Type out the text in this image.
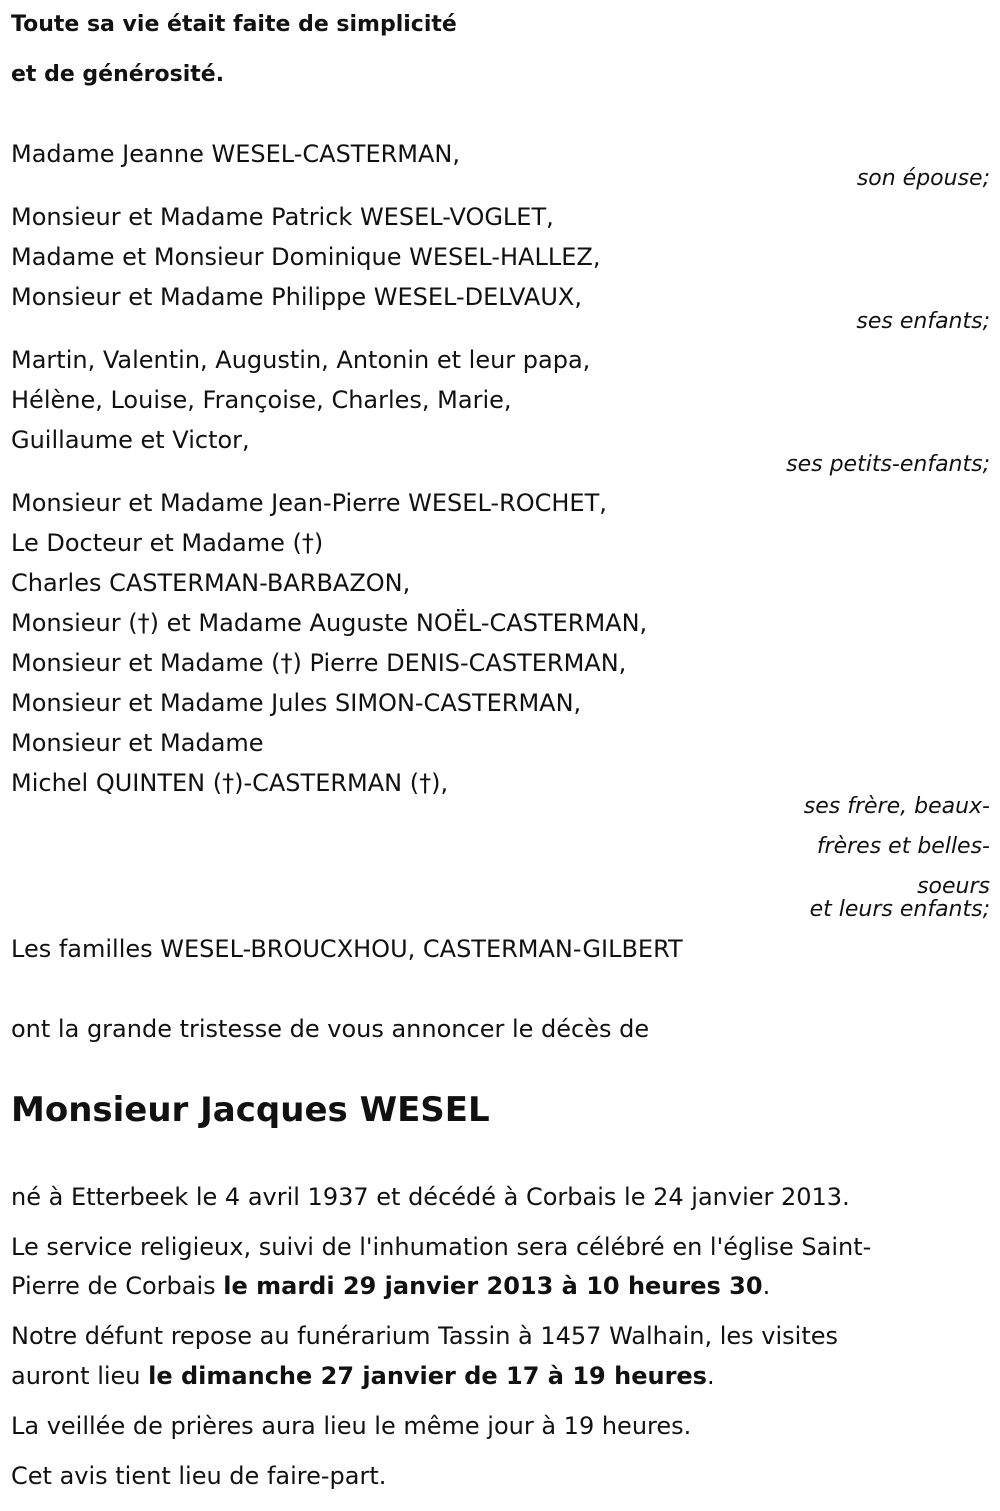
Toute sa vie était faite de simplicité
et de générosité.
Madame Jeanne WESEL-CASTERMAN,
son épouse;
Monsieur et Madame Patrick WESEL-VOGLET,
Madame et Monsieur Dominique WESEL-HALLEZ,
Monsieur et Madame Philippe WESEL-DELVAUX,
ses enfants;
Martin, Valentin, Augustin, Antonin et leur papa,
Hélène, Louise, Françoise, Charles, Marie,
Guillaume et Victor,
ses petits-enfants;
Monsieur et Madame Jean-Pierre WESEL-ROCHET,
Le Docteur et Madame (†)
Charles CASTERMAN-BARBAZON,
Monsieur (†) et Madame Auguste NOËL-CASTERMAN,
Monsieur et Madame (†) Pierre DENIS-CASTERMAN,
Monsieur et Madame Jules SIMON-CASTERMAN,
Monsieur et Madame
Michel QUINTEN (†)-CASTERMAN (†),
ses frère, beaux-
frères et belles-
soeurs
et leurs enfants;
Les familles WESEL-BROUCXHOU, CASTERMAN-GILBERT
ont la grande tristesse de vous annoncer le décès de
Monsieur Jacques WESEL
né à Etterbeek le 4 avril 1937 et décédé à Corbais le 24 janvier 2013.
Le service religieux, suivi de l'inhumation sera célébré en l'église Saint-
Pierre de Corbais le mardi 29 janvier 2013 à 10 heures 30.
Notre défunt repose au funérarium Tassin à 1457 Walhain, les visites
auront lieu le dimanche 27 janvier de 17 à 19 heures.
La veillée de prières aura lieu le même jour à 19 heures.
Cet avis tient lieu de faire-part.
